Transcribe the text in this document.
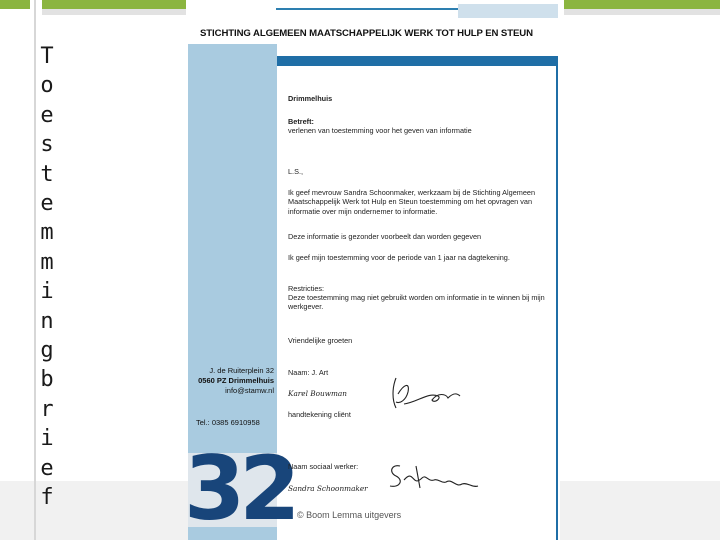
T
o
e
s
t
e
m
m
i
n
g
b
r
i
e
f
STICHTING ALGEMEEN MAATSCHAPPELIJK WERK TOT HULP EN STEUN
J. de Ruiterplein 32
0560 PZ Drimmelhuis
info@stamw.nl
Tel.: 0385 6910958
32
Drimmelhuis
Betreft:
verlenen van toestemming voor het geven van informatie
L.S.,
Ik geef mevrouw Sandra Schoonmaker, werkzaam bij de Stichting Algemeen Maatschappelijk Werk tot Hulp en Steun toestemming om het opvragen van informatie over mijn ondernemer to informatie.
Deze informatie is gezonder voorbeelt dan worden gegeven
Ik geef mijn toestemming voor de periode van 1 jaar na dagtekening.
Restricties:
Deze toestemming mag niet gebruikt worden om informatie in te winnen bij mijn werkgever.
Vriendelijke groeten
Naam: J. Art
Karel Bouwman
handtekening cliënt
Naam sociaal werker:
Sandra Schoonmaker
© Boom Lemma uitgevers
